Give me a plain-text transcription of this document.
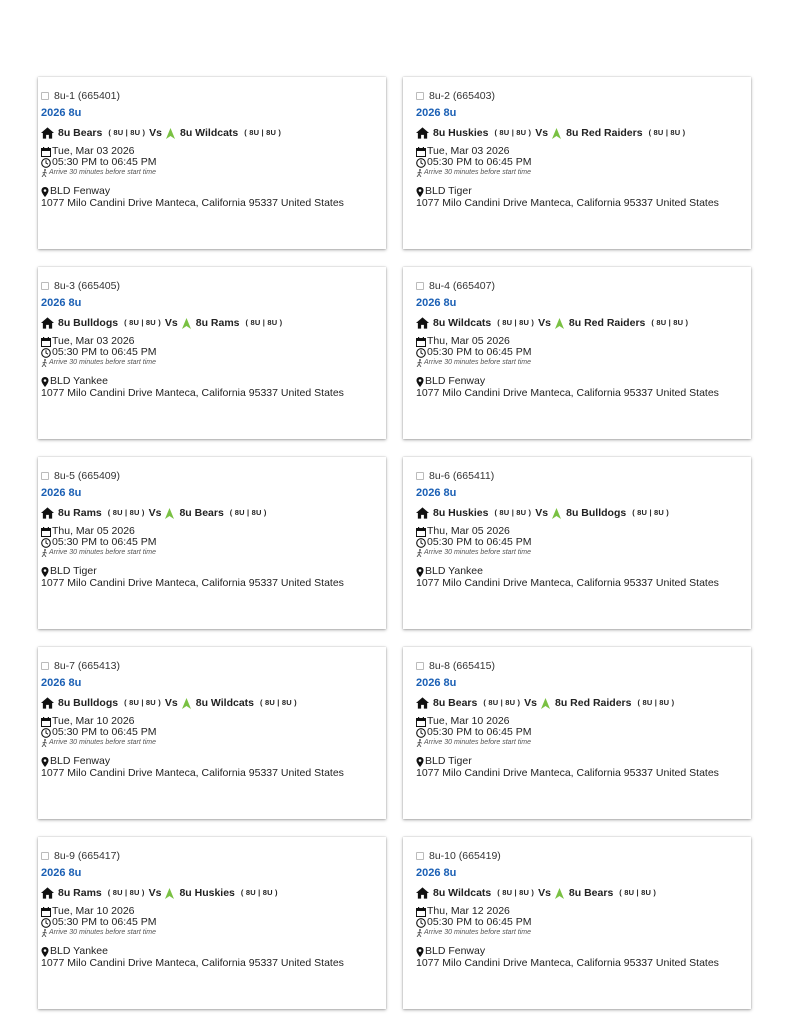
8u-1 (665401)
2026 8u
8u Bears ( 8U | 8U ) Vs 8u Wildcats ( 8U | 8U )
Tue, Mar 03 2026
05:30 PM to 06:45 PM
Arrive 30 minutes before start time
BLD Fenway
1077 Milo Candini Drive Manteca, California 95337 United States
8u-2 (665403)
2026 8u
8u Huskies ( 8U | 8U ) Vs 8u Red Raiders ( 8U | 8U )
Tue, Mar 03 2026
05:30 PM to 06:45 PM
Arrive 30 minutes before start time
BLD Tiger
1077 Milo Candini Drive Manteca, California 95337 United States
8u-3 (665405)
2026 8u
8u Bulldogs ( 8U | 8U ) Vs 8u Rams ( 8U | 8U )
Tue, Mar 03 2026
05:30 PM to 06:45 PM
Arrive 30 minutes before start time
BLD Yankee
1077 Milo Candini Drive Manteca, California 95337 United States
8u-4 (665407)
2026 8u
8u Wildcats ( 8U | 8U ) Vs 8u Red Raiders ( 8U | 8U )
Thu, Mar 05 2026
05:30 PM to 06:45 PM
Arrive 30 minutes before start time
BLD Fenway
1077 Milo Candini Drive Manteca, California 95337 United States
8u-5 (665409)
2026 8u
8u Rams ( 8U | 8U ) Vs 8u Bears ( 8U | 8U )
Thu, Mar 05 2026
05:30 PM to 06:45 PM
Arrive 30 minutes before start time
BLD Tiger
1077 Milo Candini Drive Manteca, California 95337 United States
8u-6 (665411)
2026 8u
8u Huskies ( 8U | 8U ) Vs 8u Bulldogs ( 8U | 8U )
Thu, Mar 05 2026
05:30 PM to 06:45 PM
Arrive 30 minutes before start time
BLD Yankee
1077 Milo Candini Drive Manteca, California 95337 United States
8u-7 (665413)
2026 8u
8u Bulldogs ( 8U | 8U ) Vs 8u Wildcats ( 8U | 8U )
Tue, Mar 10 2026
05:30 PM to 06:45 PM
Arrive 30 minutes before start time
BLD Fenway
1077 Milo Candini Drive Manteca, California 95337 United States
8u-8 (665415)
2026 8u
8u Bears ( 8U | 8U ) Vs 8u Red Raiders ( 8U | 8U )
Tue, Mar 10 2026
05:30 PM to 06:45 PM
Arrive 30 minutes before start time
BLD Tiger
1077 Milo Candini Drive Manteca, California 95337 United States
8u-9 (665417)
2026 8u
8u Rams ( 8U | 8U ) Vs 8u Huskies ( 8U | 8U )
Tue, Mar 10 2026
05:30 PM to 06:45 PM
Arrive 30 minutes before start time
BLD Yankee
1077 Milo Candini Drive Manteca, California 95337 United States
8u-10 (665419)
2026 8u
8u Wildcats ( 8U | 8U ) Vs 8u Bears ( 8U | 8U )
Thu, Mar 12 2026
05:30 PM to 06:45 PM
Arrive 30 minutes before start time
BLD Fenway
1077 Milo Candini Drive Manteca, California 95337 United States
